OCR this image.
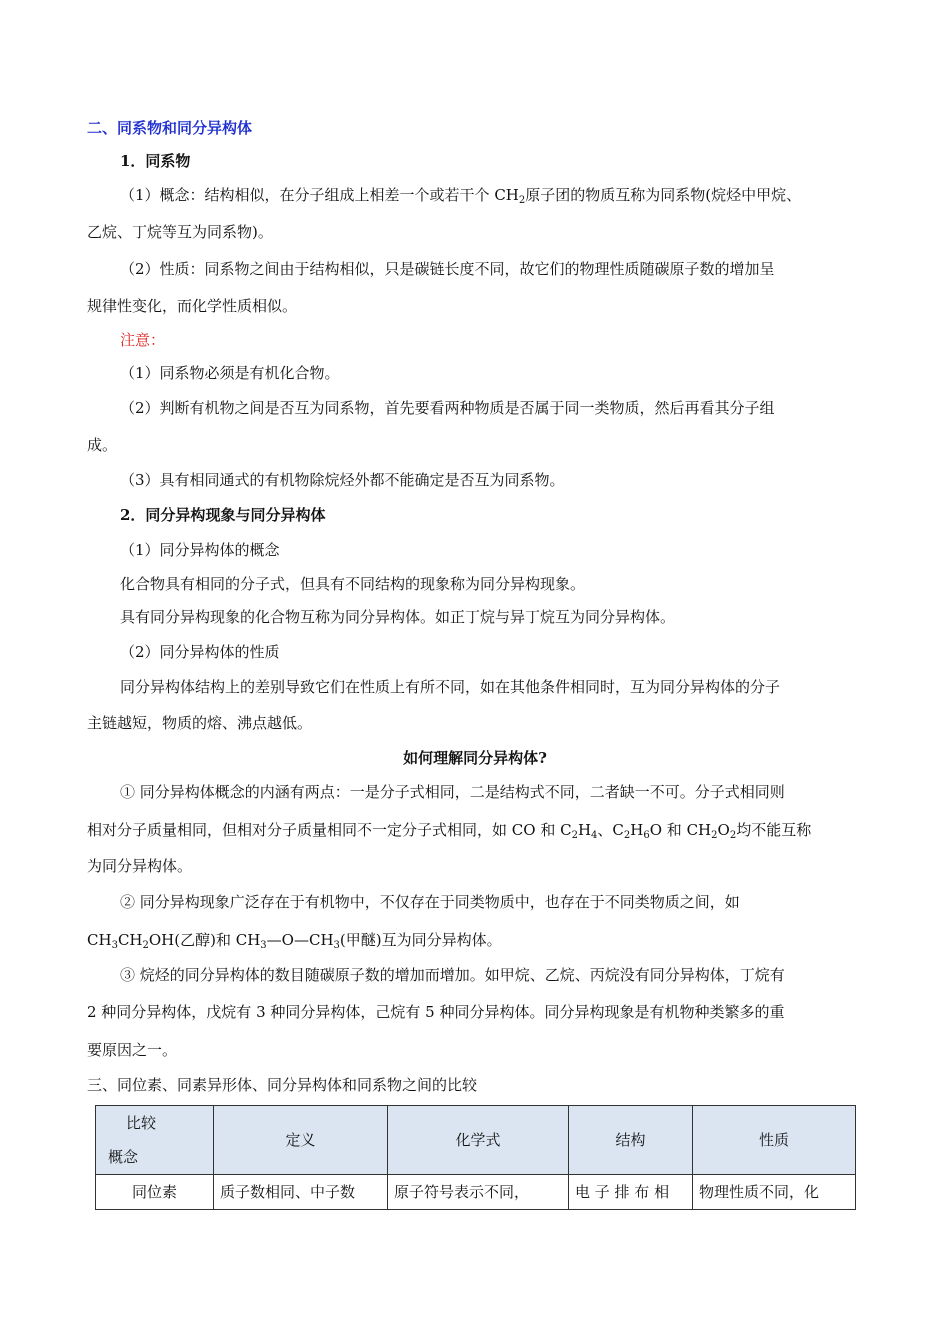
二、同系物和同分异构体
1．同系物
（1）概念：结构相似，在分子组成上相差一个或若干个 $CH_2$原子团的物质互称为同系物(烷烃中甲烷、
乙烷、丁烷等互为同系物)。
（2）性质：同系物之间由于结构相似，只是碳链长度不同，故它们的物理性质随碳原子数的增加呈
规律性变化，而化学性质相似。
注意：
（1）同系物必须是有机化合物。
（2）判断有机物之间是否互为同系物，首先要看两种物质是否属于同一类物质，然后再看其分子组
成。
（3）具有相同通式的有机物除烷烃外都不能确定是否互为同系物。
2．同分异构现象与同分异构体
（1）同分异构体的概念
化合物具有相同的分子式，但具有不同结构的现象称为同分异构现象。
具有同分异构现象的化合物互称为同分异构体。如正丁烷与异丁烷互为同分异构体。
（2）同分异构体的性质
同分异构体结构上的差别导致它们在性质上有所不同，如在其他条件相同时，互为同分异构体的分子
主链越短，物质的熔、沸点越低。
如何理解同分异构体?
① 同分异构体概念的内涵有两点：一是分子式相同，二是结构式不同，二者缺一不可。分子式相同则
相对分子质量相同，但相对分子质量相同不一定分子式相同，如 CO 和 $C_2H_4$、$C_2H_6O$ 和 $CH_2O_2$均不能互称
为同分异构体。
② 同分异构现象广泛存在于有机物中，不仅存在于同类物质中，也存在于不同类物质之间，如
$CH_3CH_2OH$(乙醇)和 $CH_3—O—CH_3$(甲醚)互为同分异构体。
③ 烷烃的同分异构体的数目随碳原子数的增加而增加。如甲烷、乙烷、丙烷没有同分异构体，丁烷有
2 种同分异构体，戊烷有 3 种同分异构体，己烷有 5 种同分异构体。同分异构现象是有机物种类繁多的重
要原因之一。
三、同位素、同素异形体、同分异构体和同系物之间的比较
比较
概念	定义	化学式	结构	性质
同位素	质子数相同、中子数	原子符号表示不同，	电 子 排 布 相	物理性质不同，化
